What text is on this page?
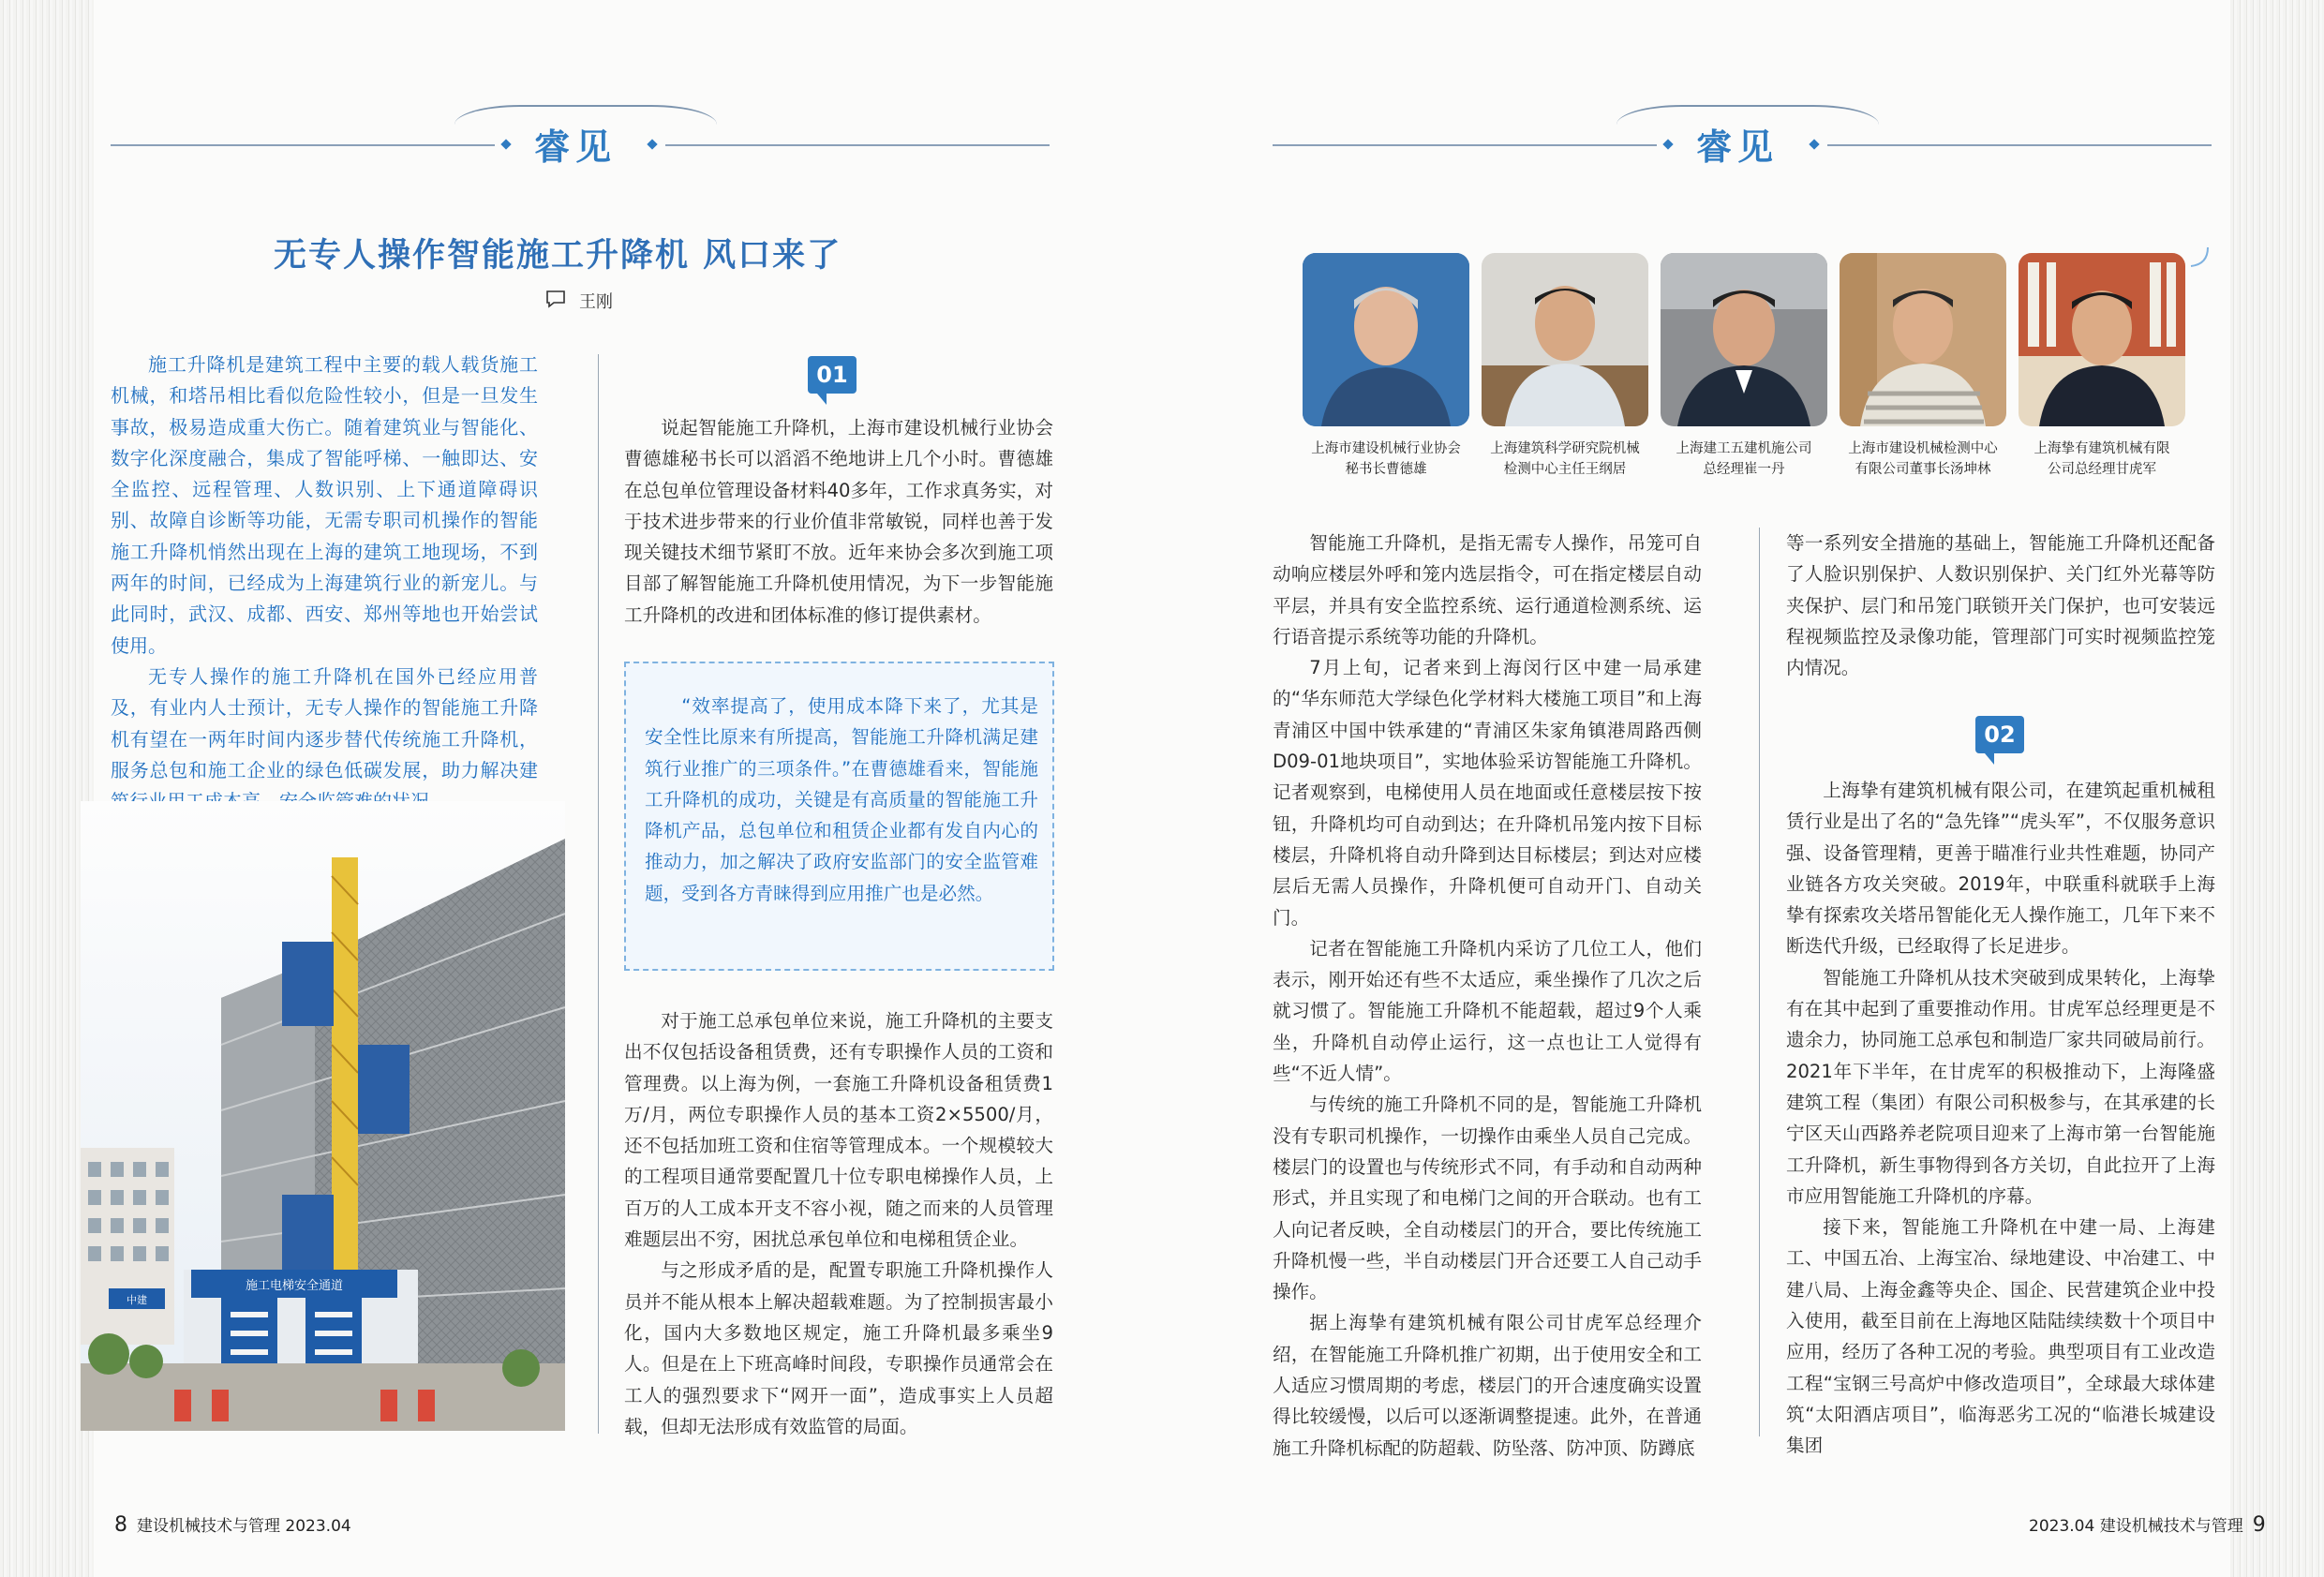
睿见
无专人操作智能施工升降机 风口来了
王刚

施工升降机是建筑工程中主要的载人载货施工机械，和塔吊相比看似危险性较小，但是一旦发生事故，极易造成重大伤亡。随着建筑业与智能化、数字化深度融合，集成了智能呼梯、一触即达、安全监控、远程管理、人数识别、上下通道障碍识别、故障自诊断等功能，无需专职司机操作的智能施工升降机悄然出现在上海的建筑工地现场，不到两年的时间，已经成为上海建筑行业的新宠儿。与此同时，武汉、成都、西安、郑州等地也开始尝试使用。

无专人操作的施工升降机在国外已经应用普及，有业内人士预计，无专人操作的智能施工升降机有望在一两年时间内逐步替代传统施工升降机，服务总包和施工企业的绿色低碳发展，助力解决建

施工电梯安全通道
中建
01

说起智能施工升降机，上海市建设机械行业协会曹德雄秘书长可以滔滔不绝地讲上几个小时。曹德雄在总包单位管理设备材料40多年，工作求真务实，对于技术进步带来的行业价值非常敏锐，同样也善于发现关键技术细节紧盯不放。近年来协会多次到施工项目部了解智能施工升降机使用情况，为下一步智能施工升降机的改进和团体标准的修订提供素材。

“效率提高了，使用成本降下来了，尤其是安全性比原来有所提高，智能施工升降机满足建筑行业推广的三项条件。”在曹德雄看来，智能施工升降机的成功，关键是有高质量的智能施工升降机产品，总包单位和租赁企业都有发自内心的推动力，加之解决了政府安监部门的安全监管难题，受到各方青睐得到应用推广也是必然。

对于施工总承包单位来说，施工升降机的主要支出不仅包括设备租赁费，还有专职操作人员的工资和管理费。以上海为例，一套施工升降机设备租赁费1万/月，两位专职操作人员的基本工资2×5500/月，还不包括加班工资和住宿等管理成本。一个规模较大的工程项目通常要配置几十位专职电梯操作人员，上百万的人工成本开支不容小视，随之而来的人员管理难题层出不穷，困扰总承包单位和电梯租赁企业。

与之形成矛盾的是，配置专职施工升降机操作人员并不能从根本上解决超载难题。为了控制损害最小化，国内大多数地区规定，施工升降机最多乘坐9人。但是在上下班高峰时间段，专职操作员通常会在工人的强烈要求下“网开一面”，造成事实上人员超载，但却无法形成有效监管的局面。

8 建设机械技术与管理 2023.04
睿见
上海市建设机械行业协会
秘书长曹德雄
上海建筑科学研究院机械
检测中心主任王纲居
上海建工五建机施公司
总经理崔一丹
上海市建设机械检测中心
有限公司董事长汤坤林
上海挚有建筑机械有限
公司总经理甘虎军

智能施工升降机，是指无需专人操作，吊笼可自动响应楼层外呼和笼内选层指令，可在指定楼层自动平层，并具有安全监控系统、运行通道检测系统、运行语音提示系统等功能的升降机。

7月上旬，记者来到上海闵行区中建一局承建的“华东师范大学绿色化学材料大楼施工项目”和上海青浦区中国中铁承建的“青浦区朱家角镇港周路西侧D09-01地块项目”，实地体验采访智能施工升降机。记者观察到，电梯使用人员在地面或任意楼层按下按钮，升降机均可自动到达；在升降机吊笼内按下目标楼层，升降机将自动升降到达目标楼层；到达对应楼层后无需人员操作，升降机便可自动开门、自动关门。

记者在智能施工升降机内采访了几位工人，他们表示，刚开始还有些不太适应，乘坐操作了几次之后就习惯了。智能施工升降机不能超载，超过9个人乘坐，升降机自动停止运行，这一点也让工人觉得有些“不近人情”。

与传统的施工升降机不同的是，智能施工升降机没有专职司机操作，一切操作由乘坐人员自己完成。楼层门的设置也与传统形式不同，有手动和自动两种形式，并且实现了和电梯门之间的开合联动。也有工人向记者反映，全自动楼层门的开合，要比传统施工升降机慢一些，半自动楼层门开合还要工人自己动手操作。

据上海挚有建筑机械有限公司甘虎军总经理介绍，在智能施工升降机推广初期，出于使用安全和工人适应习惯周期的考虑，楼层门的开合速度确实设置得比较缓慢，以后可以逐渐调整提速。此外，在普通施工升降机标配的防超载、防坠落、防冲顶、防蹲底

等一系列安全措施的基础上，智能施工升降机还配备了人脸识别保护、人数识别保护、关门红外光幕等防夹保护、层门和吊笼门联锁开关门保护，也可安装远程视频监控及录像功能，管理部门可实时视频监控笼内情况。

02

上海挚有建筑机械有限公司，在建筑起重机械租赁行业是出了名的“急先锋”“虎头军”，不仅服务意识强、设备管理精，更善于瞄准行业共性难题，协同产业链各方攻关突破。2019年，中联重科就联手上海挚有探索攻关塔吊智能化无人操作施工，几年下来不断迭代升级，已经取得了长足进步。

智能施工升降机从技术突破到成果转化，上海挚有在其中起到了重要推动作用。甘虎军总经理更是不遗余力，协同施工总承包和制造厂家共同破局前行。2021年下半年，在甘虎军的积极推动下，上海隆盛建筑工程（集团）有限公司积极参与，在其承建的长宁区天山西路养老院项目迎来了上海市第一台智能施工升降机，新生事物得到各方关切，自此拉开了上海市应用智能施工升降机的序幕。

接下来，智能施工升降机在中建一局、上海建工、中国五冶、上海宝冶、绿地建设、中冶建工、中建八局、上海金鑫等央企、国企、民营建筑企业中投入使用，截至目前在上海地区陆陆续续数十个项目中应用，经历了各种工况的考验。典型项目有工业改造工程“宝钢三号高炉中修改造项目”，全球最大球体建筑“太阳酒店项目”，临海恶劣工况的“临港长城建设集团

2023.04 建设机械技术与管理 9
